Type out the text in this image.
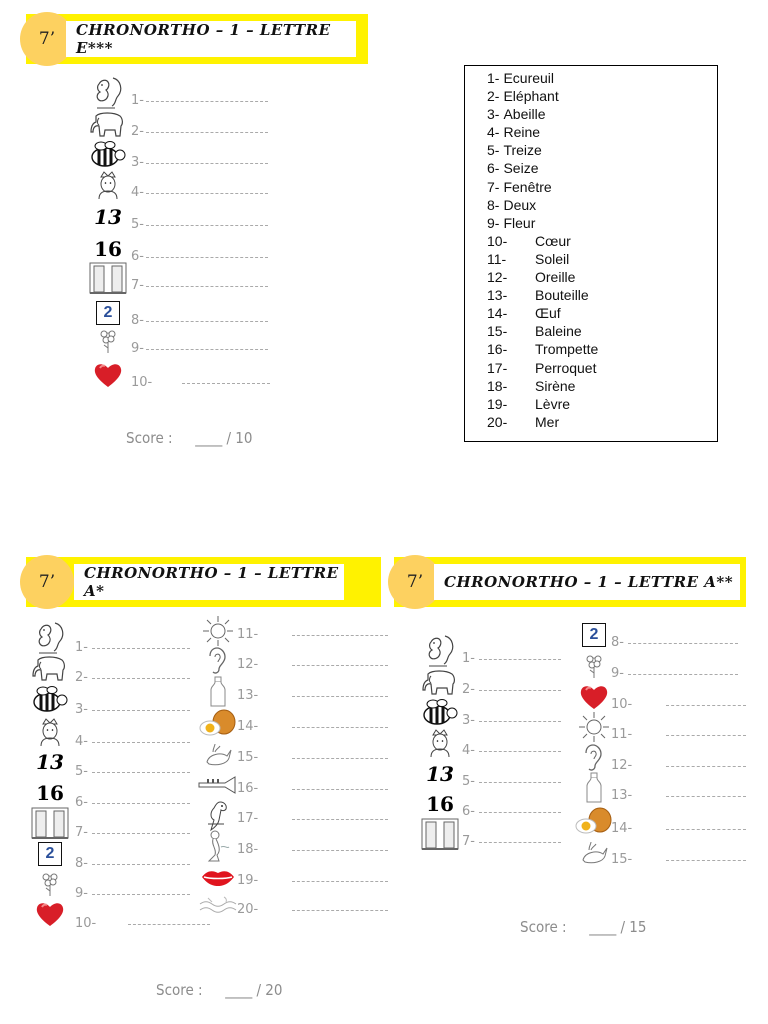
7’	CHRONORTHO – 1 – LETTRE E***
Score : ____ / 10
1- Ecureuil
2- Eléphant
3- Abeille
4- Reine
5- Treize
6- Seize
7- Fenêtre
8- Deux
9- Fleur
10- Cœur
11- Soleil
12- Oreille
13- Bouteille
14- Œuf
15- Baleine
16- Trompette
17- Perroquet
18- Sirène
19- Lèvre
20- Mer
7’	CHRONORTHO – 1 – LETTRE A*
Score : ____ / 20
7’	CHRONORTHO – 1 – LETTRE A**
Score : ____ / 15
1-
2-
3-
4-
13 5-
16 6-
7-
2	8-
9-
10-
1-
2-
3-
4-
13 5-
16 6-
7-
2
8-
9-
10-
11-
12-
13-
14-
15-
16-
17-
18-
19-
20-
1-
2-
3-
4-
13 5-
16 6-
7-
2 8-
9-
10-
11-
12-
13-
14-
15-
